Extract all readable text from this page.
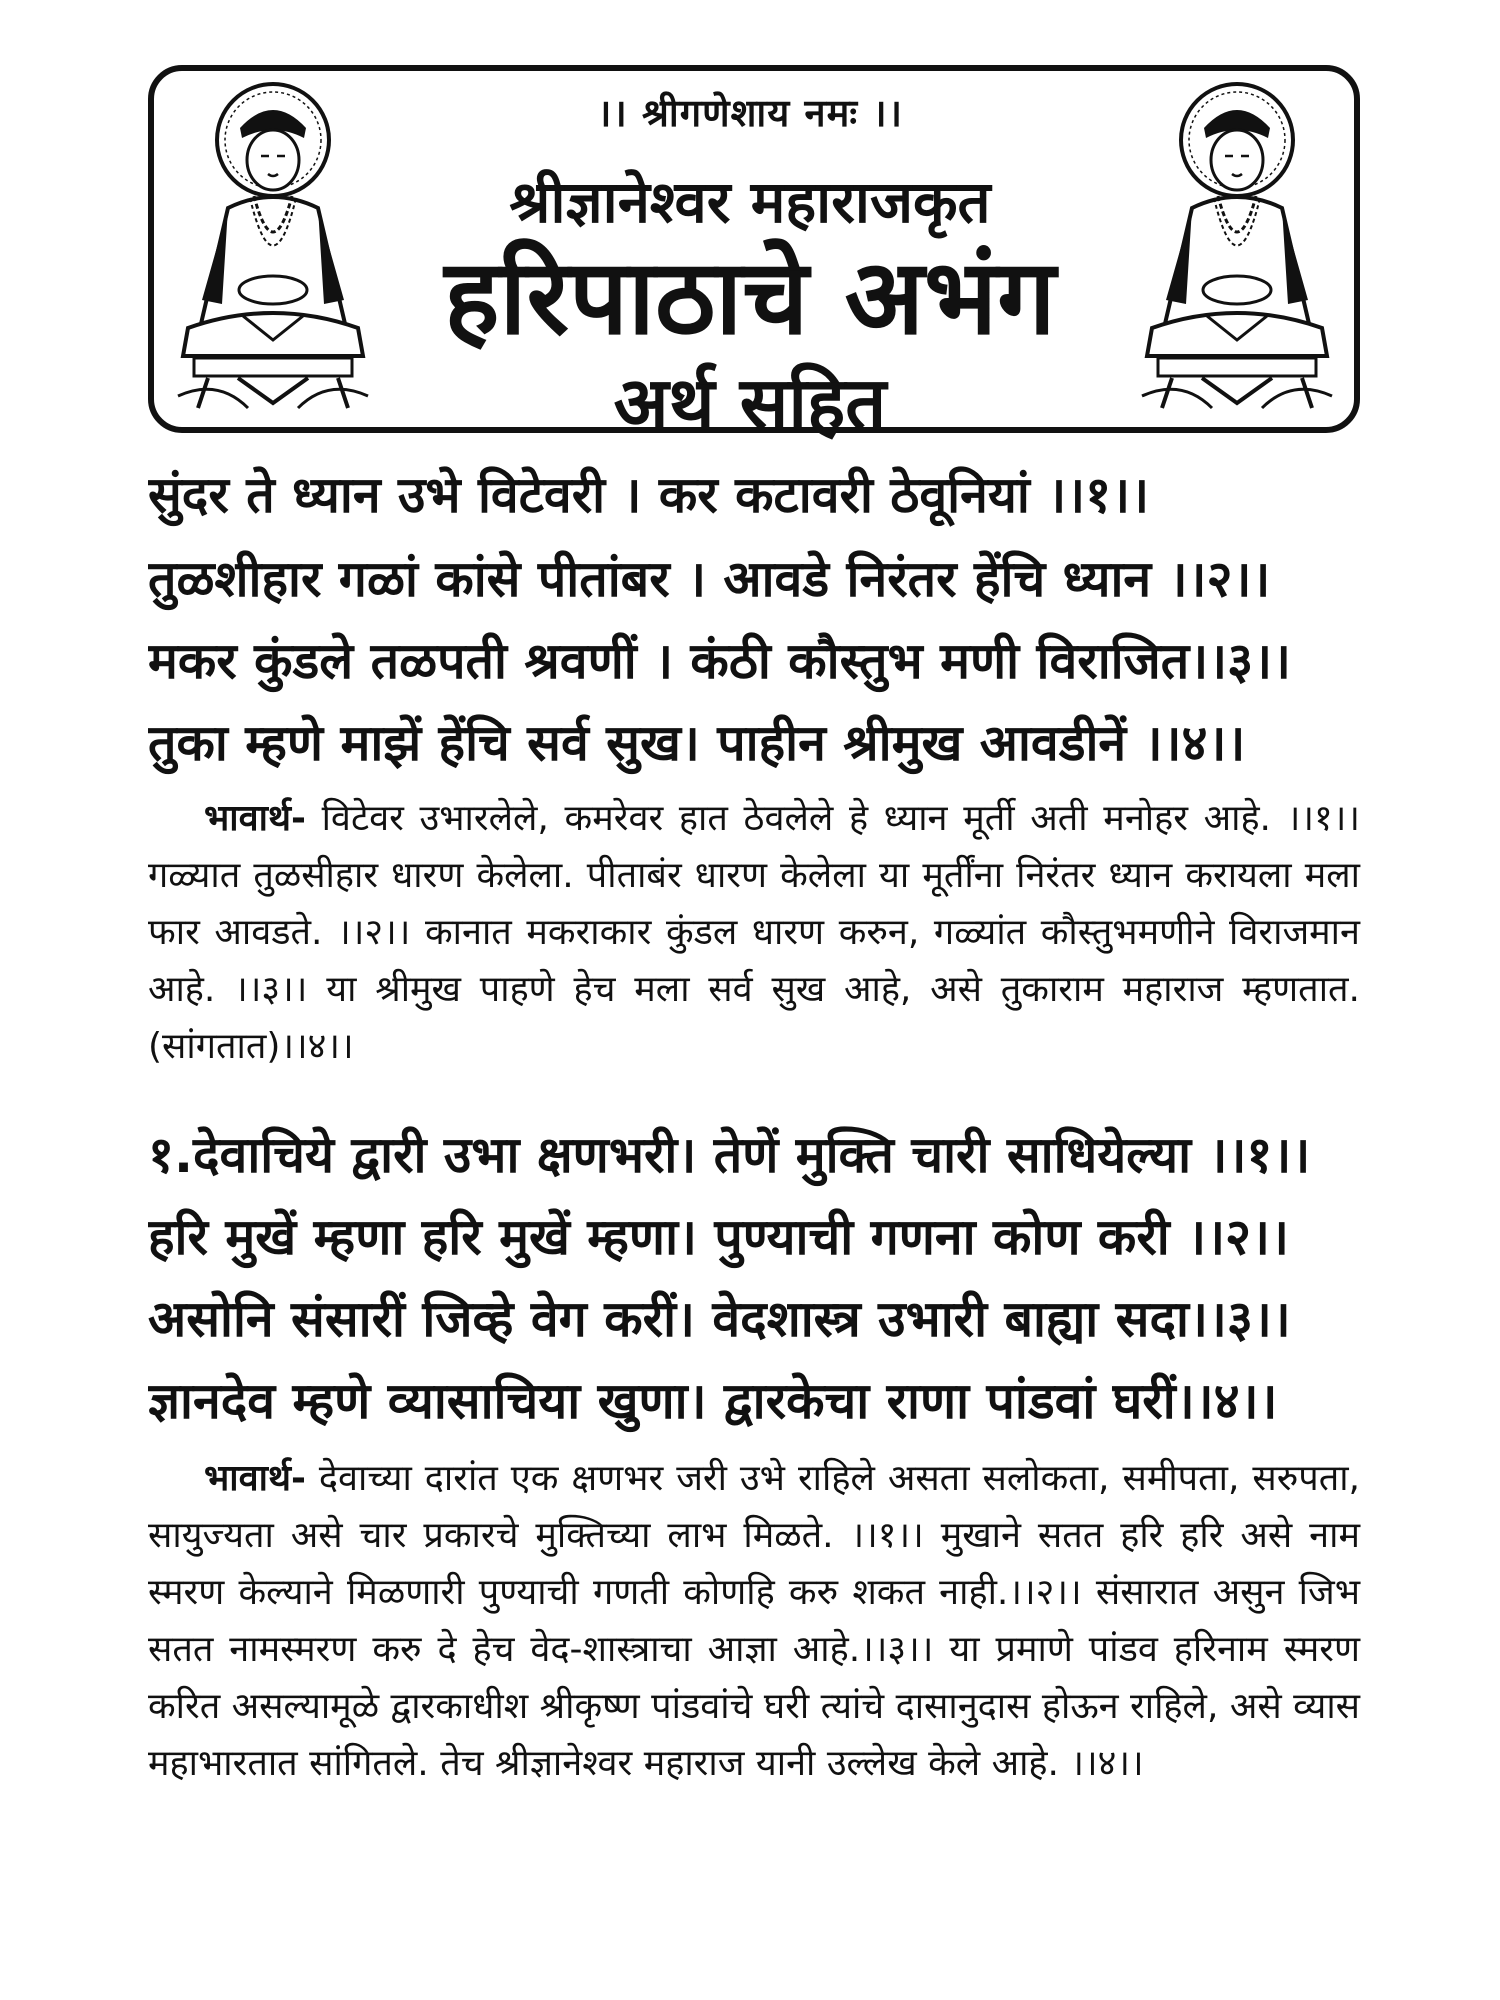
।। श्रीगणेशाय नमः ।।
श्रीज्ञानेश्वर महाराजकृत
हरिपाठाचे अभंग
अर्थ सहित
सुंदर ते ध्यान उभे विटेवरी । कर कटावरी ठेवूनियां ।।१।।
तुळशीहार गळां कांसे पीतांबर । आवडे निरंतर हेंचि ध्यान ।।२।।
मकर कुंडले तळपती श्रवणीं । कंठी कौस्तुभ मणी विराजित।।३।।
तुका म्हणे माझें हेंचि सर्व सुख। पाहीन श्रीमुख आवडीनें ।।४।।

भावार्थ- विटेवर उभारलेले, कमरेवर हात ठेवलेले हे ध्यान मूर्ती अती मनोहर आहे. ।।१।। गळ्यात तुळसीहार धारण केलेला. पीताबंर धारण केलेला या मूर्तींना निरंतर ध्यान करायला मला फार आवडते. ।।२।। कानात मकराकार कुंडल धारण करुन, गळ्यांत कौस्तुभमणीने विराजमान आहे. ।।३।। या श्रीमुख पाहणे हेच मला सर्व सुख आहे, असे तुकाराम महाराज म्हणतात. (सांगतात)।।४।।

१.देवाचिये द्वारी उभा क्षणभरी। तेणें मुक्ति चारी साधियेल्या ।।१।।
हरि मुखें म्हणा हरि मुखें म्हणा। पुण्याची गणना कोण करी ।।२।।
असोनि संसारीं जिव्हे वेग करीं। वेदशास्त्र उभारी बाह्या सदा।।३।।
ज्ञानदेव म्हणे व्यासाचिया खुणा। द्वारकेचा राणा पांडवां घरीं।।४।।

भावार्थ- देवाच्या दारांत एक क्षणभर जरी उभे राहिले असता सलोकता, समीपता, सरुपता, सायुज्यता असे चार प्रकारचे मुक्तिच्या लाभ मिळते. ।।१।। मुखाने सतत हरि हरि असे नाम स्मरण केल्याने मिळणारी पुण्याची गणती कोणहि करु शकत नाही.।।२।। संसारात असुन जिभ सतत नामस्मरण करु दे हेच वेद-शास्त्राचा आज्ञा आहे.।।३।। या प्रमाणे पांडव हरिनाम स्मरण करित असल्यामूळे द्वारकाधीश श्रीकृष्ण पांडवांचे घरी त्यांचे दासानुदास होऊन राहिले, असे व्यास महाभारतात सांगितले. तेच श्रीज्ञानेश्वर महाराज यानी उल्लेख केले आहे. ।।४।।
